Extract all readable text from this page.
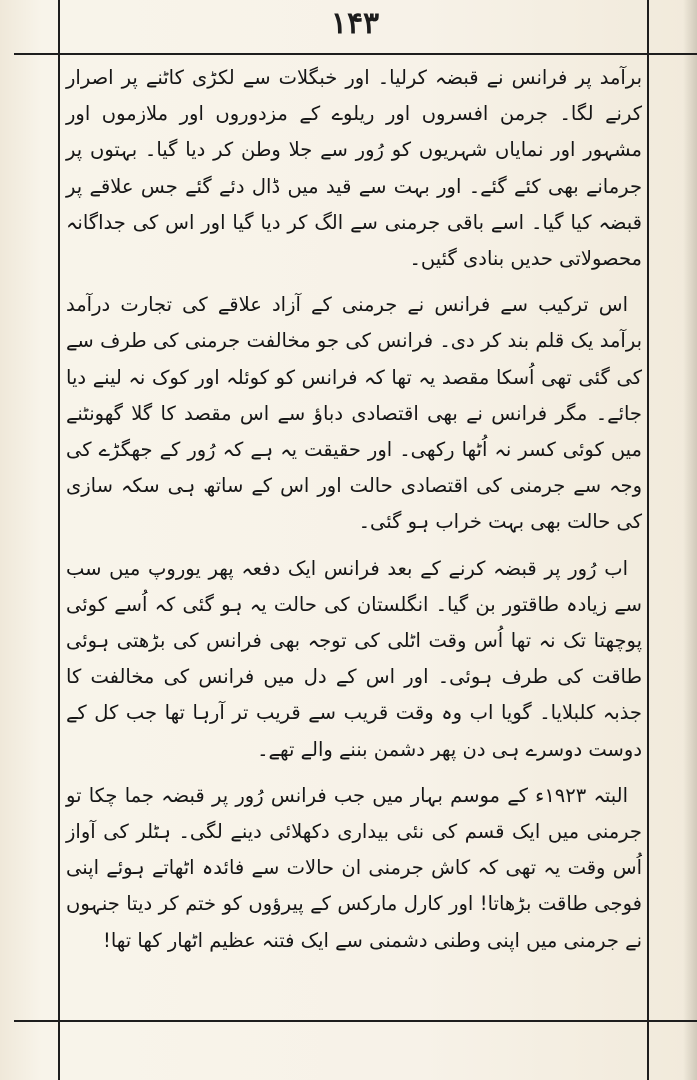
۱۴۳

برآمد پر فرانس نے قبضہ کرلیا۔ اور خبگلات سے لکڑی کاٹنے پر اصرار کرنے لگا۔ جرمن افسروں اور ریلوے کے مزدوروں اور ملازموں اور مشہور اور نمایاں شہریوں کو رُور سے جلا وطن کر دیا گیا۔ بہتوں پر جرمانے بھی کئے گئے۔ اور بہت سے قید میں ڈال دئے گئے جس علاقے پر قبضہ کیا گیا۔ اسے باقی جرمنی سے الگ کر دیا گیا اور اس کی جداگانہ محصولاتی حدیں بنادی گئیں۔

اس ترکیب سے فرانس نے جرمنی کے آزاد علاقے کی تجارت درآمد برآمد یک قلم بند کر دی۔ فرانس کی جو مخالفت جرمنی کی طرف سے کی گئی تھی اُسکا مقصد یہ تھا کہ فرانس کو کوئلہ اور کوک نہ لینے دیا جائے۔ مگر فرانس نے بھی اقتصادی دباؤ سے اس مقصد کا گلا گھونٹنے میں کوئی کسر نہ اُٹھا رکھی۔ اور حقیقت یہ ہے کہ رُور کے جھگڑے کی وجہ سے جرمنی کی اقتصادی حالت اور اس کے ساتھ ہی سکہ سازی کی حالت بھی بہت خراب ہو گئی۔

اب رُور پر قبضہ کرنے کے بعد فرانس ایک دفعہ پھر یوروپ میں سب سے زیادہ طاقتور بن گیا۔ انگلستان کی حالت یہ ہو گئی کہ اُسے کوئی پوچھتا تک نہ تھا اُس وقت اٹلی کی توجہ بھی فرانس کی بڑھتی ہوئی طاقت کی طرف ہوئی۔ اور اس کے دل میں فرانس کی مخالفت کا جذبہ کلبلایا۔ گویا اب وہ وقت قریب سے قریب تر آرہا تھا جب کل کے دوست دوسرے ہی دن پھر دشمن بننے والے تھے۔

البتہ ۱۹۲۳ء کے موسم بہار میں جب فرانس رُور پر قبضہ جما چکا تو جرمنی میں ایک قسم کی نئی بیداری دکھلائی دینے لگی۔ ہٹلر کی آواز اُس وقت یہ تھی کہ کاش جرمنی ان حالات سے فائدہ اٹھاتے ہوئے اپنی فوجی طاقت بڑھاتا! اور کارل مارکس کے پیرؤوں کو ختم کر دیتا جنہوں نے جرمنی میں اپنی وطنی دشمنی سے ایک فتنہ عظیم اٹھار کھا تھا!
